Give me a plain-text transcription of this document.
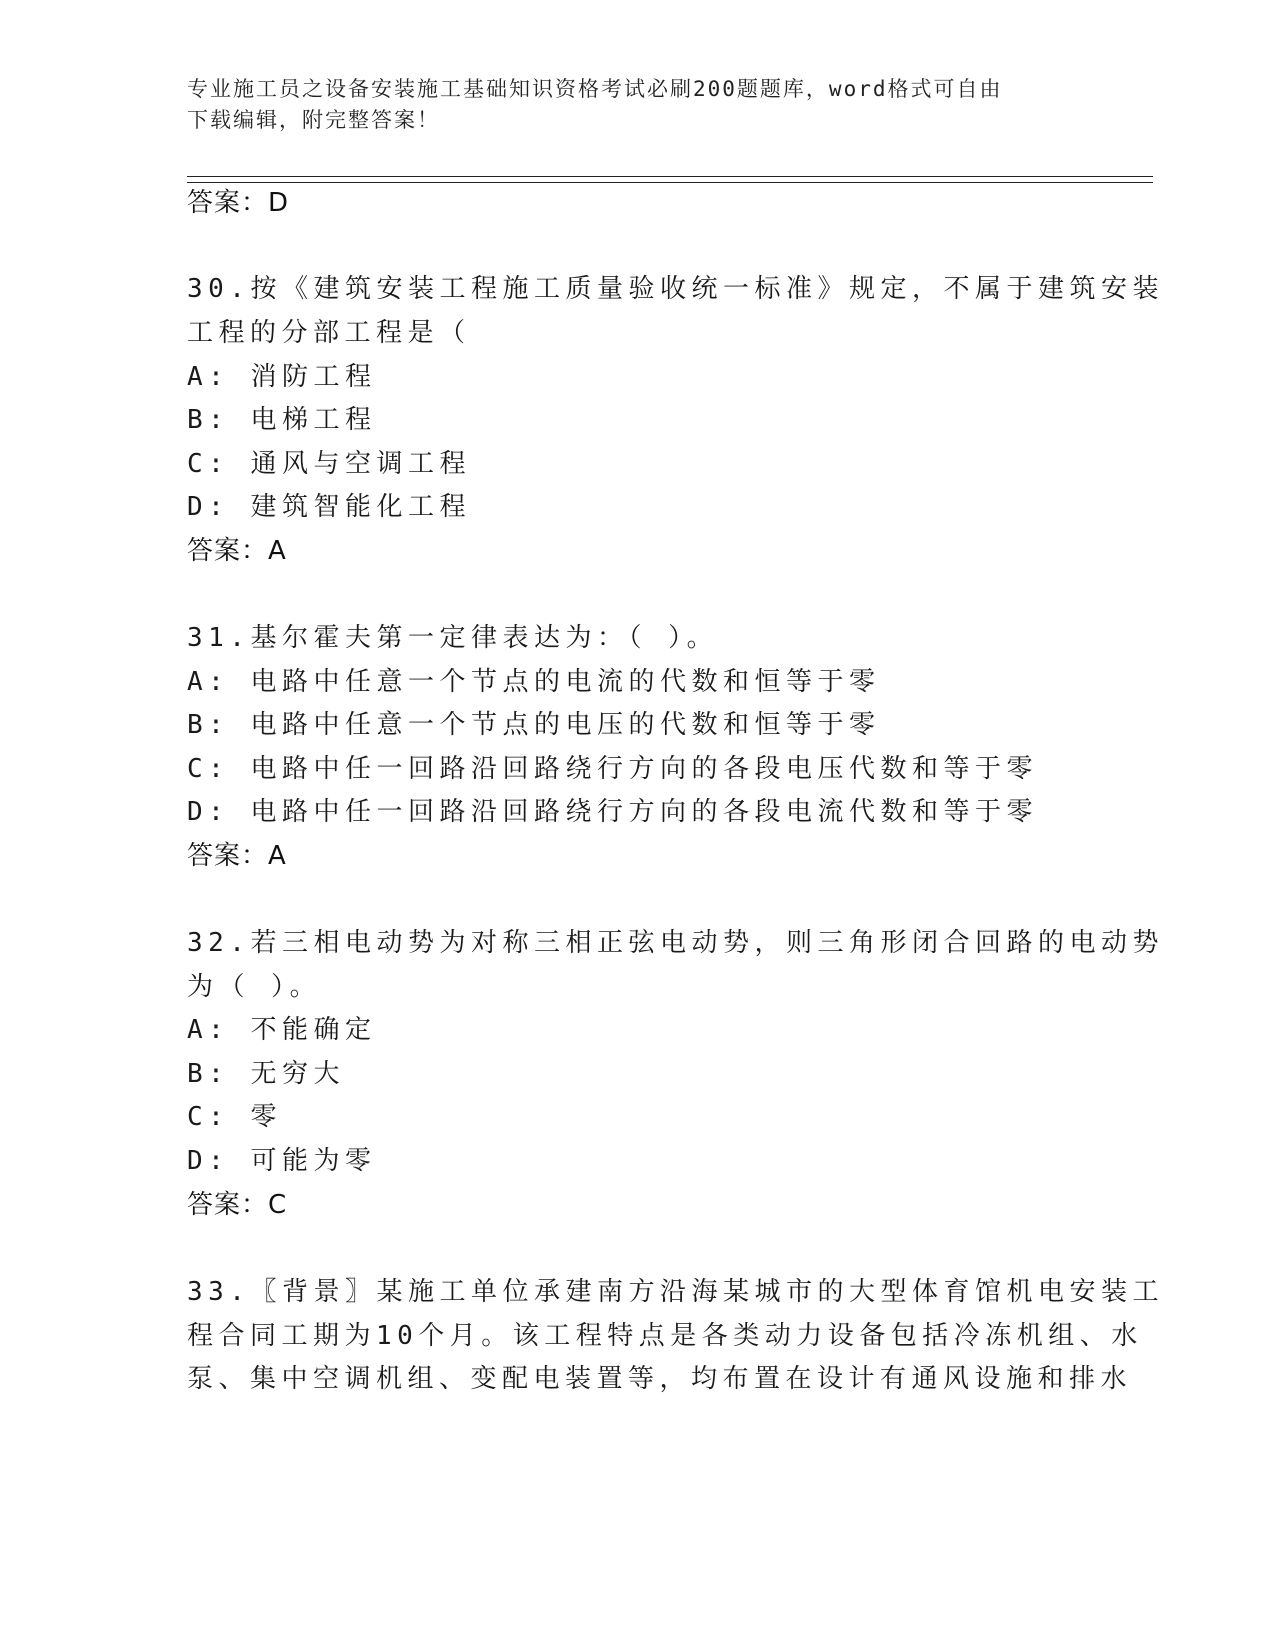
专业施工员之设备安装施工基础知识资格考试必刷200题题库，word格式可自由
下载编辑，附完整答案！
答案：D
30.按《建筑安装工程施工质量验收统一标准》规定，不属于建筑安装
工程的分部工程是（
A: 消防工程
B: 电梯工程
C: 通风与空调工程
D: 建筑智能化工程
答案：A
31.基尔霍夫第一定律表达为：（ ）。
A: 电路中任意一个节点的电流的代数和恒等于零
B: 电路中任意一个节点的电压的代数和恒等于零
C: 电路中任一回路沿回路绕行方向的各段电压代数和等于零
D: 电路中任一回路沿回路绕行方向的各段电流代数和等于零
答案：A
32.若三相电动势为对称三相正弦电动势，则三角形闭合回路的电动势
为（ ）。
A: 不能确定
B: 无穷大
C: 零
D: 可能为零
答案：C
33.〖背景〗某施工单位承建南方沿海某城市的大型体育馆机电安装工
程合同工期为10个月。该工程特点是各类动力设备包括冷冻机组、水
泵、集中空调机组、变配电装置等，均布置在设计有通风设施和排水
